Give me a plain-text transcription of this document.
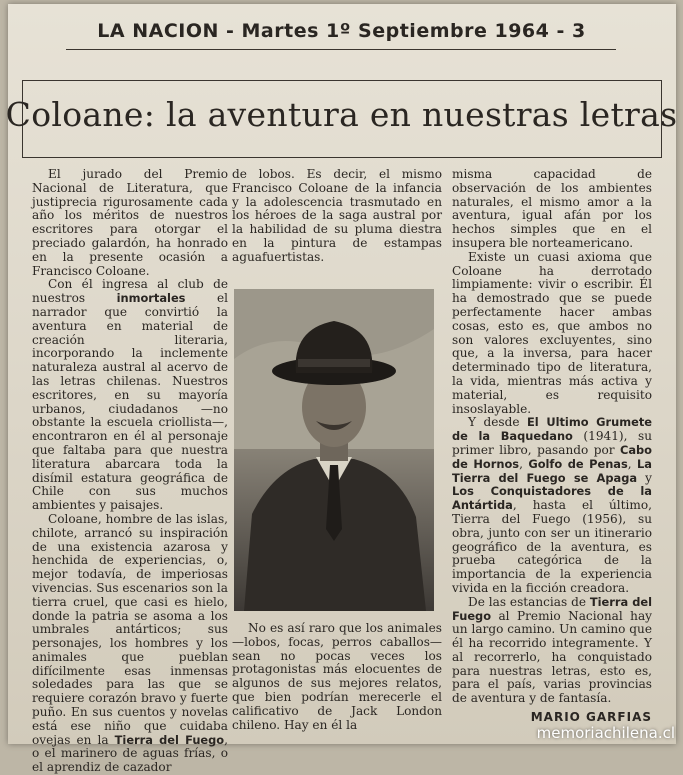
LA NACION - Martes 1º Septiembre 1964 - 3
Coloane: la aventura en nuestras letras

El jurado del Premio Nacional de Literatura, que justiprecia rigurosamente cada año los méritos de nuestros escritores para otorgar el preciado galardón, ha honrado en la presente ocasión a Francisco Coloane.

Con él ingresa al club de nuestros inmortales el narrador que convirtió la aventura en material de creación literaria, incorporando la inclemente naturaleza austral al acervo de las letras chilenas. Nuestros escritores, en su mayoría urbanos, ciudadanos —no obstante la escuela criollista—, encontraron en él al personaje que faltaba para que nuestra literatura abarcara toda la disímil estatura geográfica de Chile con sus muchos ambientes y paisajes.

Coloane, hombre de las islas, chilote, arrancó su inspiración de una existencia azarosa y henchida de experiencias, o, mejor todavía, de imperiosas vivencias. Sus escenarios son la tierra cruel, que casi es hielo, donde la patria se asoma a los umbrales antárticos; sus personajes, los hombres y los animales que pueblan difícilmente esas inmensas soledades para las que se requiere corazón bravo y fuerte puño. En sus cuentos y novelas está ese niño que cuidaba ovejas en la Tierra del Fuego, o el marinero de aguas frías, o el aprendiz de cazador

de lobos. Es decir, el mismo Francisco Coloane de la infancia y la adolescencia trasmutado en los héroes de la saga austral por la habilidad de su pluma diestra en la pintura de estampas aguafuertistas.

No es así raro que los animales —lobos, focas, perros caballos— sean no pocas veces los protagonistas más elocuentes de algunos de sus mejores relatos, que bien podrían merecerle el calificativo de Jack London chileno. Hay en él la

misma capacidad de observación de los ambientes naturales, el mismo amor a la aventura, igual afán por los hechos simples que en el insupera ble norteamericano.

Existe un cuasi axioma que Coloane ha derrotado limpiamente: vivir o escribir. Él ha demostrado que se puede perfectamente hacer ambas cosas, esto es, que ambos no son valores excluyentes, sino que, a la inversa, para hacer determinado tipo de literatura, la vida, mientras más activa y material, es requisito insoslayable.

Y desde El Ultimo Grumete de la Baquedano (1941), su primer libro, pasando por Cabo de Hornos, Golfo de Penas, La Tierra del Fuego se Apaga y Los Conquistadores de la Antártida, hasta el último, Tierra del Fuego (1956), su obra, junto con ser un itinerario geográfico de la aventura, es prueba categórica de la importancia de la experiencia vivida en la ficción creadora.

De las estancias de Tierra del Fuego al Premio Nacional hay un largo camino. Un camino que él ha recorrido integramente. Y al recorrerlo, ha conquistado para nuestras letras, esto es, para el país, varias provincias de aventura y de fantasía.

MARIO GARFIAS
memoriachilena.cl
